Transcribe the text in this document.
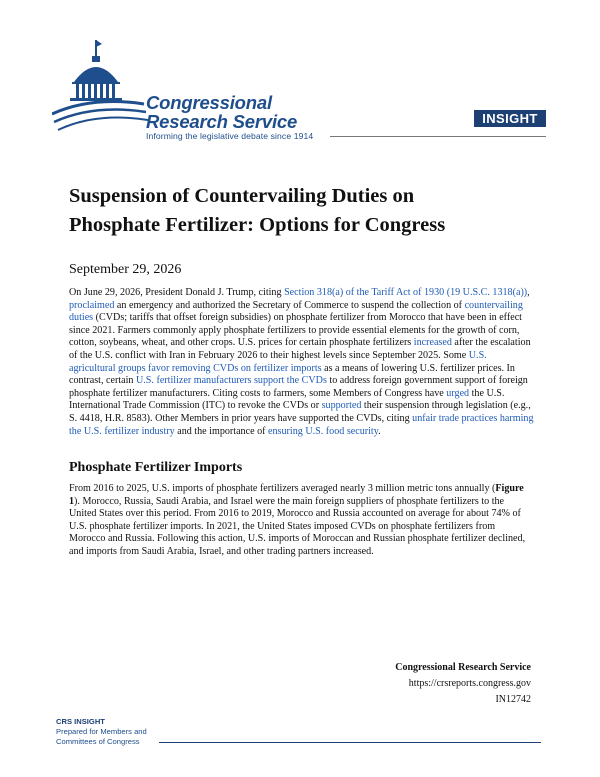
Congressional
Research Service
Informing the legislative debate since 1914
INSIGHT
Suspension of Countervailing Duties on
Phosphate Fertilizer: Options for Congress
September 29, 2026
On June 29, 2026, President Donald J. Trump, citing Section 318(a) of the Tariff Act of 1930 (19 U.S.C. 1318(a)), proclaimed an emergency and authorized the Secretary of Commerce to suspend the collection of countervailing duties (CVDs; tariffs that offset foreign subsidies) on phosphate fertilizer from Morocco that have been in effect since 2021. Farmers commonly apply phosphate fertilizers to provide essential elements for the growth of corn, cotton, soybeans, wheat, and other crops. U.S. prices for certain phosphate fertilizers increased after the escalation of the U.S. conflict with Iran in February 2026 to their highest levels since September 2025. Some U.S. agricultural groups favor removing CVDs on fertilizer imports as a means of lowering U.S. fertilizer prices. In contrast, certain U.S. fertilizer manufacturers support the CVDs to address foreign government support of foreign phosphate fertilizer manufacturers. Citing costs to farmers, some Members of Congress have urged the U.S. International Trade Commission (ITC) to revoke the CVDs or supported their suspension through legislation (e.g., S. 4418, H.R. 8583). Other Members in prior years have supported the CVDs, citing unfair trade practices harming the U.S. fertilizer industry and the importance of ensuring U.S. food security.
Phosphate Fertilizer Imports
From 2016 to 2025, U.S. imports of phosphate fertilizers averaged nearly 3 million metric tons annually (Figure 1). Morocco, Russia, Saudi Arabia, and Israel were the main foreign suppliers of phosphate fertilizers to the United States over this period. From 2016 to 2019, Morocco and Russia accounted on average for about 74% of U.S. phosphate fertilizer imports. In 2021, the United States imposed CVDs on phosphate fertilizers from Morocco and Russia. Following this action, U.S. imports of Moroccan and Russian phosphate fertilizer declined, and imports from Saudi Arabia, Israel, and other trading partners increased.
Congressional Research Service
https://crsreports.congress.gov
IN12742
CRS INSIGHT
Prepared for Members and
Committees of Congress
